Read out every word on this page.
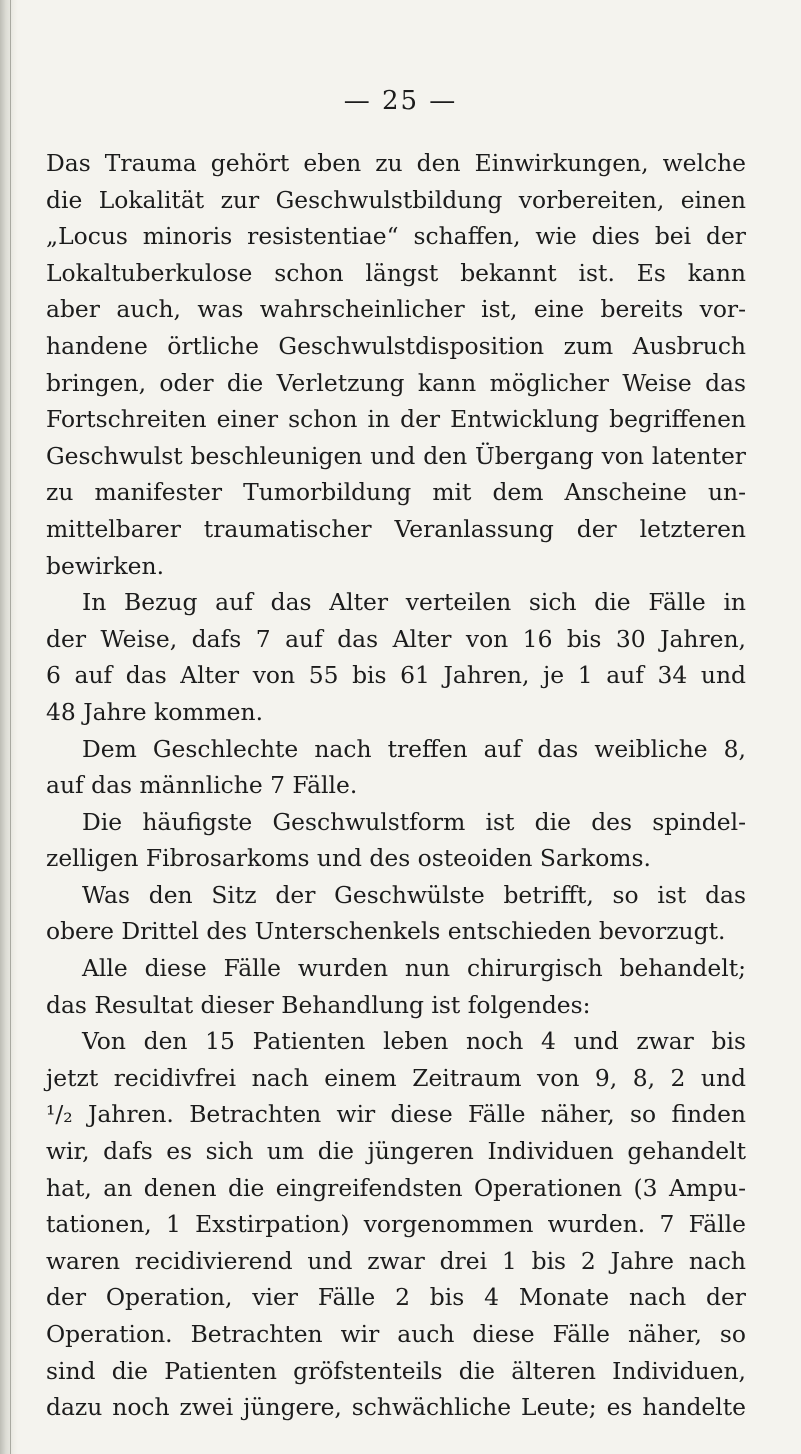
— 25 —
Das Trauma gehört eben zu den Einwirkungen, welche
die Lokalität zur Geschwulstbildung vorbereiten, einen
„Locus minoris resistentiae“ schaffen, wie dies bei der
Lokaltuberkulose schon längst bekannt ist. Es kann
aber auch, was wahrscheinlicher ist, eine bereits vor-
handene örtliche Geschwulstdisposition zum Ausbruch
bringen, oder die Verletzung kann möglicher Weise das
Fortschreiten einer schon in der Entwicklung begriffenen
Geschwulst beschleunigen und den Übergang von latenter
zu manifester Tumorbildung mit dem Anscheine un-
mittelbarer traumatischer Veranlassung der letzteren
bewirken.
In Bezug auf das Alter verteilen sich die Fälle in
der Weise, dafs 7 auf das Alter von 16 bis 30 Jahren,
6 auf das Alter von 55 bis 61 Jahren, je 1 auf 34 und
48 Jahre kommen.
Dem Geschlechte nach treffen auf das weibliche 8,
auf das männliche 7 Fälle.
Die häufigste Geschwulstform ist die des spindel-
zelligen Fibrosarkoms und des osteoiden Sarkoms.
Was den Sitz der Geschwülste betrifft, so ist das
obere Drittel des Unterschenkels entschieden bevorzugt.
Alle diese Fälle wurden nun chirurgisch behandelt;
das Resultat dieser Behandlung ist folgendes:
Von den 15 Patienten leben noch 4 und zwar bis
jetzt recidivfrei nach einem Zeitraum von 9, 8, 2 und
¹/₂ Jahren. Betrachten wir diese Fälle näher, so finden
wir, dafs es sich um die jüngeren Individuen gehandelt
hat, an denen die eingreifendsten Operationen (3 Ampu-
tationen, 1 Exstirpation) vorgenommen wurden. 7 Fälle
waren recidivierend und zwar drei 1 bis 2 Jahre nach
der Operation, vier Fälle 2 bis 4 Monate nach der
Operation. Betrachten wir auch diese Fälle näher, so
sind die Patienten gröfstenteils die älteren Individuen,
dazu noch zwei jüngere, schwächliche Leute; es handelte
